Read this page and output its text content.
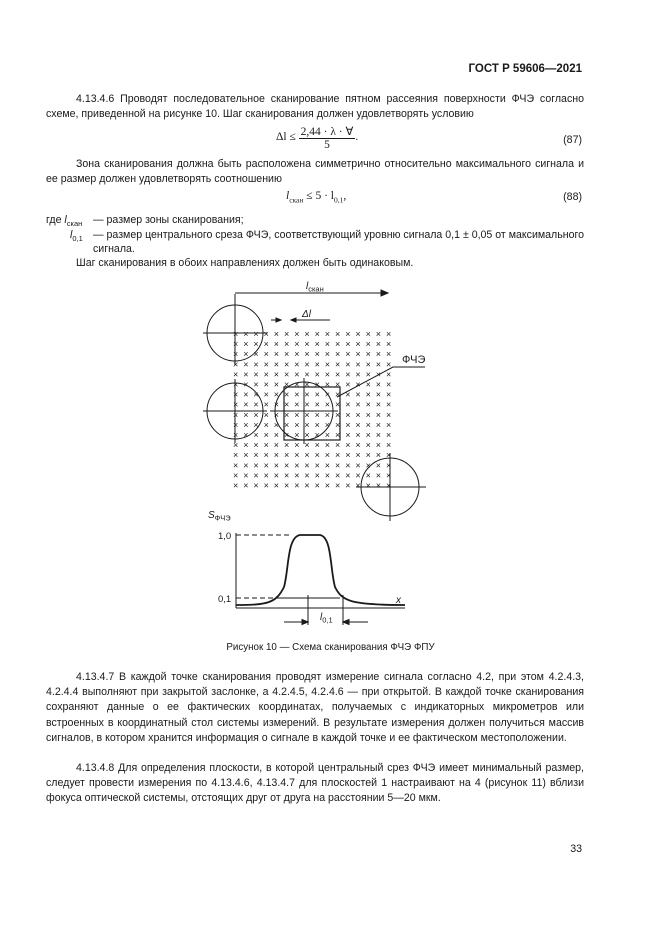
ГОСТ Р 59606—2021
4.13.4.6 Проводят последовательное сканирование пятном рассеяния поверхности ФЧЭ согласно схеме, приведенной на рисунке 10. Шаг сканирования должен удовлетворять условию
$\Delta l \le \frac{2,44 \cdot \lambda \cdot \forall}{5}$ .	(87)
Зона сканирования должна быть расположена симметрично относительно максимального сигнала и ее размер должен удовлетворять соотношению
$l_{скан} \le 5 \cdot l_{0,1}$,	(88)
где $l_{скан}$ — размер зоны сканирования;
$l_{0,1}$ — размер центрального среза ФЧЭ, соответствующий уровню сигнала 0,1 ± 0,05 от максимального сигнала.
Шаг сканирования в обоих направлениях должен быть одинаковым.
× × × × × × × × × × × × × × × ×
× × × × × × × × × × × × × × × ×
× × × × × × × × × × × × × × × ×
× × × × × × × × × × × × × × × ×
× × × × × × × × × × × × × × × ×
× × × × × × × × × × × × × × × ×
× × × × × × × × × × × × × × × ×
× × × × × × × × × × × × × × × ×
× × × × × × × × × × × × × × × ×
× × × × × × × × × × × × × × × ×
× × × × × × × × × × × × × × × ×
× × × × × × × × × × × × × × × ×
× × × × × × × × × × × × × × × ×
× × × × × × × × × × × × × × × ×
× × × × × × × × × × × × × × × ×
× × × × × × × × × × × × × × × ×
$l_{скан}$
Δl
ФЧЭ
$S_{ФЧЭ}$
1,0
0,1	x
$l_{0,1}$
Рисунок 10 — Схема сканирования ФЧЭ ФПУ
4.13.4.7 В каждой точке сканирования проводят измерение сигнала согласно 4.2, при этом 4.2.4.3, 4.2.4.4 выполняют при закрытой заслонке, а 4.2.4.5, 4.2.4.6 — при открытой. В каждой точке сканирования сохраняют данные о ее фактических координатах, получаемых с индикаторных микрометров или встроенных в координатный стол системы измерений. В результате измерения должен получиться массив сигналов, в котором хранится информация о сигнале в каждой точке и ее фактическом местоположении.
4.13.4.8 Для определения плоскости, в которой центральный срез ФЧЭ имеет минимальный размер, следует провести измерения по 4.13.4.6, 4.13.4.7 для плоскостей 1 настраивают на 4 (рисунок 11) вблизи фокуса оптической системы, отстоящих друг от друга на расстоянии 5—20 мкм.
33
